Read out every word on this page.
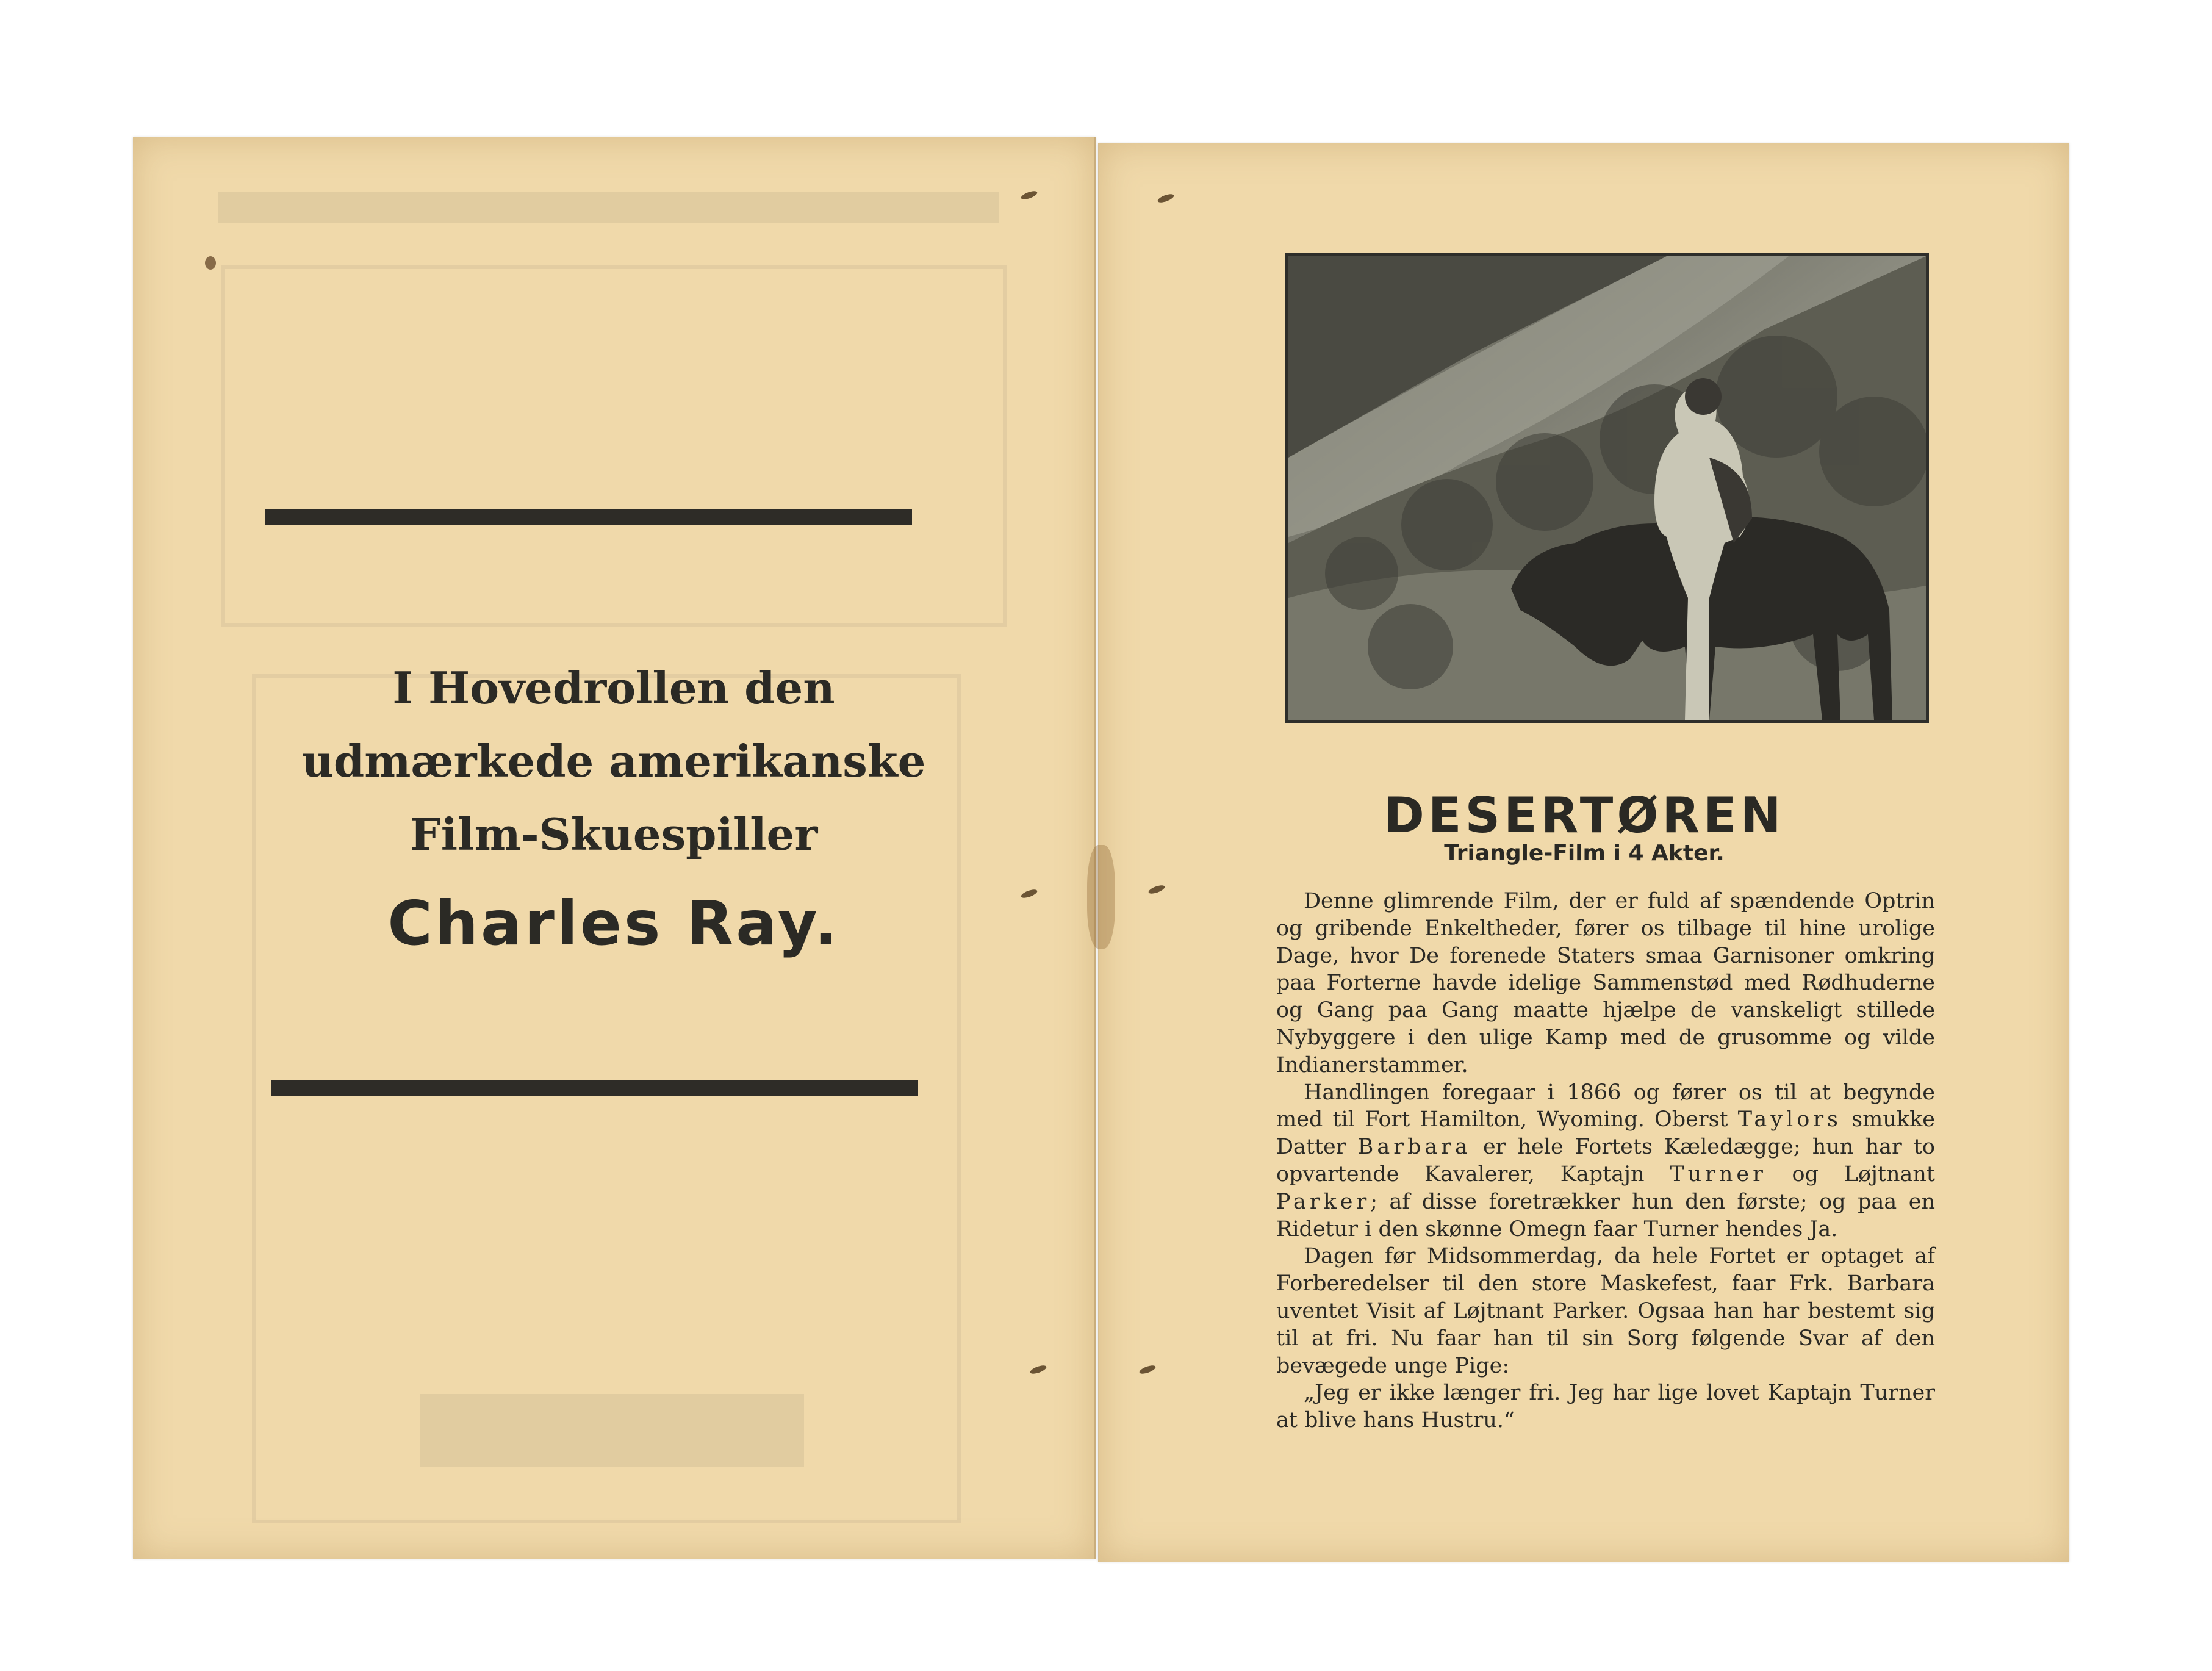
I Hovedrollen den
udmærkede amerikanske
Film-Skuespiller
Charles Ray.
DESERTØREN
Triangle-Film i 4 Akter.

Denne glimrende Film, der er fuld af spændende Optrin og gribende Enkeltheder, fører os tilbage til hine urolige Dage, hvor De forenede Staters smaa Garnisoner omkring paa Forterne havde idelige Sammenstød med Rødhuderne og Gang paa Gang maatte hjælpe de vanskeligt stillede Nybyggere i den ulige Kamp med de grusomme og vilde Indianerstammer.

Handlingen foregaar i 1866 og fører os til at begynde med til Fort Hamilton, Wyoming. Oberst Taylors smukke Datter Barbara er hele Fortets Kæledægge; hun har to opvartende Kavalerer, Kaptajn Turner og Løjtnant Parker; af disse foretrækker hun den første; og paa en Ridetur i den skønne Omegn faar Turner hendes Ja.

Dagen før Midsommerdag, da hele Fortet er optaget af Forberedelser til den store Maskefest, faar Frk. Barbara uventet Visit af Løjtnant Parker. Ogsaa han har bestemt sig til at fri. Nu faar han til sin Sorg følgende Svar af den bevægede unge Pige:

„Jeg er ikke længer fri. Jeg har lige lovet Kaptajn Turner at blive hans Hustru.“
